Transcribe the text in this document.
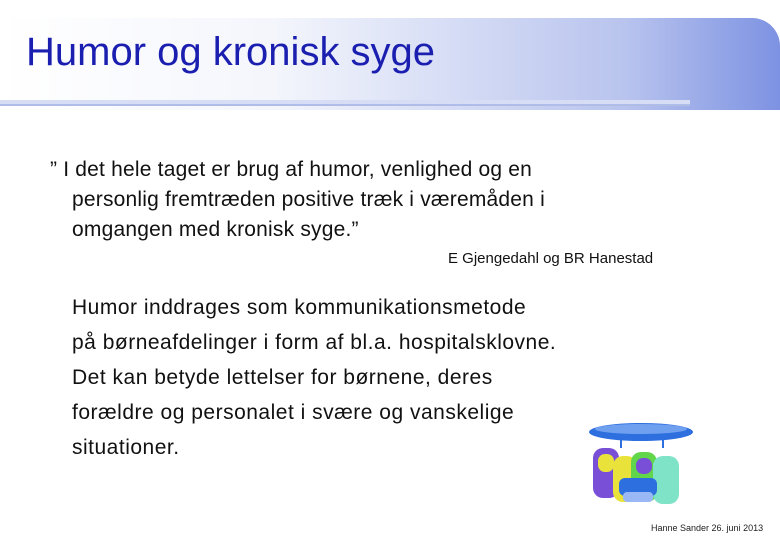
Humor og kronisk syge
” I det hele taget er brug af humor, venlighed og en
personlig fremtræden positive træk i væremåden i
omgangen med kronisk syge.”
E Gjengedahl og BR Hanestad
Humor inddrages som kommunikationsmetode
på børneafdelinger i form af bl.a. hospitalsklovne.
Det kan betyde lettelser for børnene, deres
forældre og personalet i svære og vanskelige
situationer.
Hanne Sander 26. juni 2013
